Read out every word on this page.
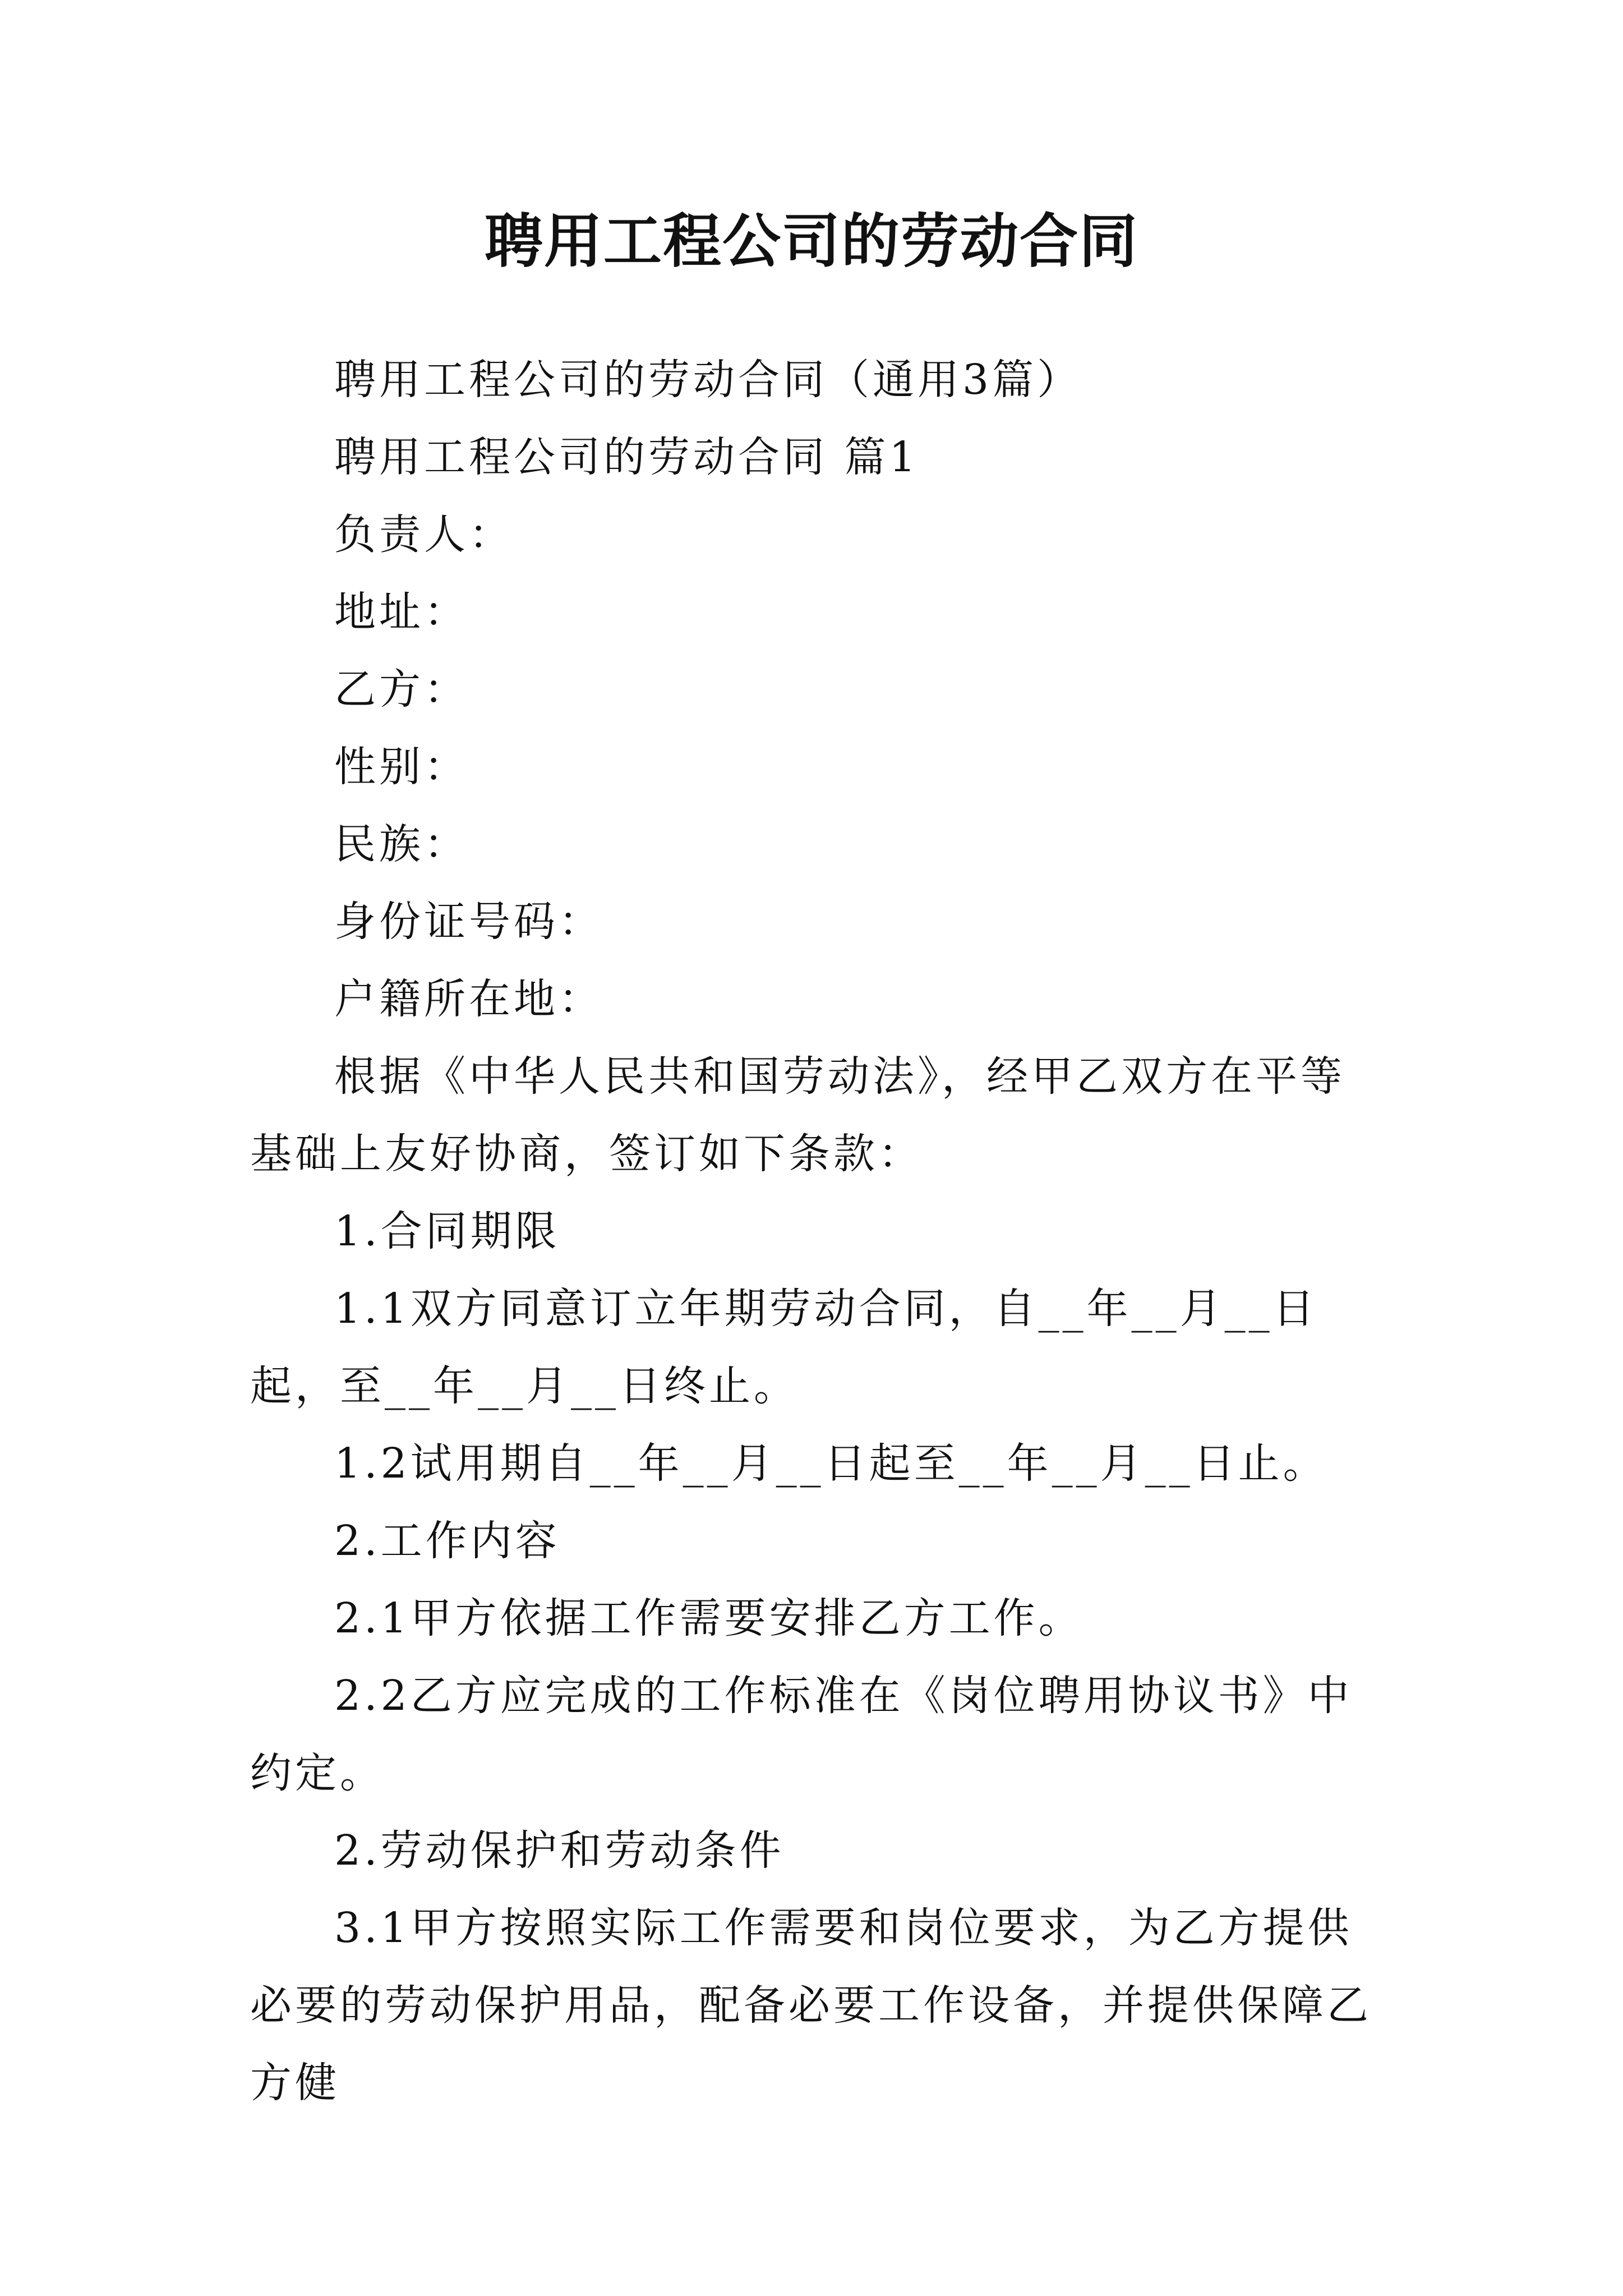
聘用工程公司的劳动合同

聘用工程公司的劳动合同（通用3篇）

聘用工程公司的劳动合同 篇1

负责人：

地址：

乙方：

性别：

民族：

身份证号码：

户籍所在地：

根据《中华人民共和国劳动法》，经甲乙双方在平等基础上友好协商，签订如下条款：

1.合同期限

1.1双方同意订立年期劳动合同，自__年__月__日起，至__年__月__日终止。

1.2试用期自__年__月__日起至__年__月__日止。

2.工作内容

2.1甲方依据工作需要安排乙方工作。

2.2乙方应完成的工作标准在《岗位聘用协议书》中约定。

2.劳动保护和劳动条件

3.1甲方按照实际工作需要和岗位要求，为乙方提供必要的劳动保护用品，配备必要工作设备，并提供保障乙方健
